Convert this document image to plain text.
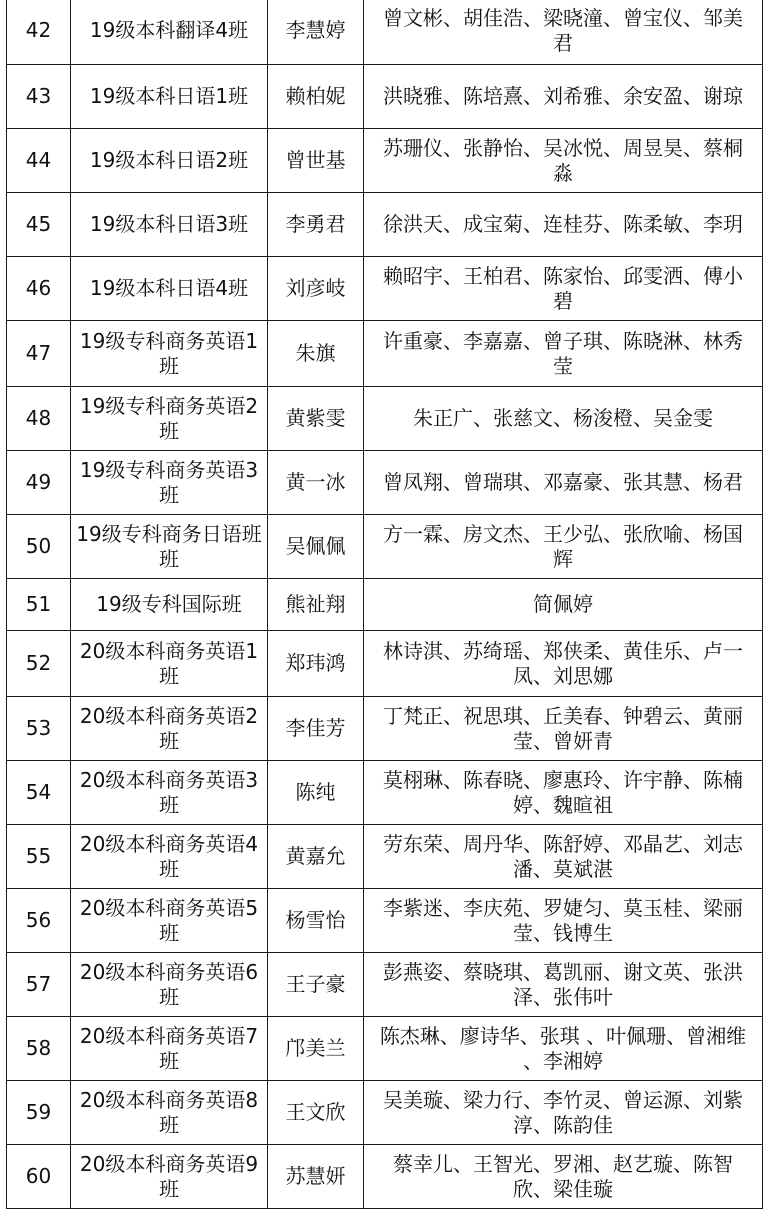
42	19级本科翻译4班	李慧婷	曾文彬、胡佳浩、梁晓潼、曾宝仪、邹美君
43	19级本科日语1班	赖柏妮	洪晓雅、陈培熹、刘希雅、余安盈、谢琼
44	19级本科日语2班	曾世基	苏珊仪、张静怡、吴冰悦、周昱昊、蔡桐淼
45	19级本科日语3班	李勇君	徐洪天、成宝菊、连桂芬、陈柔敏、李玥
46	19级本科日语4班	刘彦岐	赖昭宇、王柏君、陈家怡、邱雯洒、傅小碧
47	19级专科商务英语1班	朱旗	许重豪、李嘉嘉、曾子琪、陈晓淋、林秀莹
48	19级专科商务英语2班	黄紫雯	朱正广、张慈文、杨浚橙、吴金雯
49	19级专科商务英语3班	黄一冰	曾凤翔、曾瑞琪、邓嘉豪、张其慧、杨君
50	19级专科商务日语班班	吴佩佩	方一霖、房文杰、王少弘、张欣喻、杨国辉
51	19级专科国际班	熊祉翔	简佩婷
52	20级本科商务英语1班	郑玮鸿	林诗淇、苏绮瑶、郑侠柔、黄佳乐、卢一凤、刘思娜
53	20级本科商务英语2班	李佳芳	丁梵正、祝思琪、丘美春、钟碧云、黄丽莹、曾妍青
54	20级本科商务英语3班	陈纯	莫栩琳、陈春晓、廖惠玲、许宇静、陈楠婷、魏暄祖
55	20级本科商务英语4班	黄嘉允	劳东荣、周丹华、陈舒婷、邓晶艺、刘志潘、莫斌湛
56	20级本科商务英语5班	杨雪怡	李紫迷、李庆苑、罗婕匀、莫玉桂、梁丽莹、钱博生
57	20级本科商务英语6班	王子豪	彭燕姿、蔡晓琪、葛凯丽、谢文英、张洪泽、张伟叶
58	20级本科商务英语7班	邝美兰	陈杰琳、廖诗华、张琪 、叶佩珊、曾湘维 、李湘婷
59	20级本科商务英语8班	王文欣	吴美璇、梁力行、李竹灵、曾运源、刘紫淳、陈韵佳
60	20级本科商务英语9班	苏慧妍	蔡幸儿、王智光、罗湘、赵艺璇、陈智欣、梁佳璇
